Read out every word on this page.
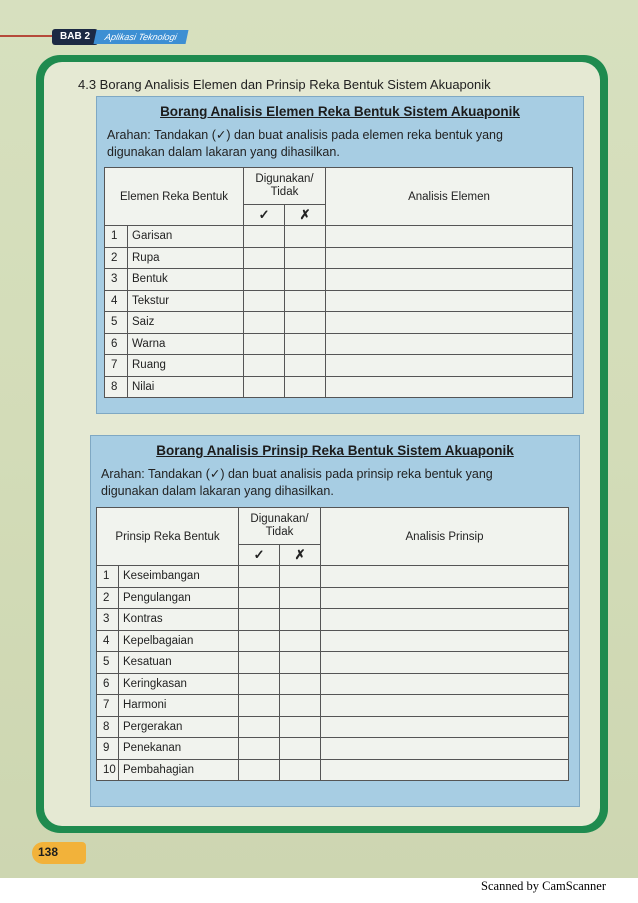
BAB 2	Aplikasi Teknologi
4.3 Borang Analisis Elemen dan Prinsip Reka Bentuk Sistem Akuaponik
Borang Analisis Elemen Reka Bentuk Sistem Akuaponik
Arahan: Tandakan (✓) dan buat analisis pada elemen reka bentuk yang digunakan dalam lakaran yang dihasilkan.
Elemen Reka Bentuk		Digunakan/ Tidak		Analisis Elemen
		✓	✗	
1	Garisan			
2	Rupa			
3	Bentuk			
4	Tekstur			
5	Saiz			
6	Warna			
7	Ruang			
8	Nilai			
Borang Analisis Prinsip Reka Bentuk Sistem Akuaponik
Arahan: Tandakan (✓) dan buat analisis pada prinsip reka bentuk yang digunakan dalam lakaran yang dihasilkan.
Prinsip Reka Bentuk		Digunakan/ Tidak		Analisis Prinsip
		✓	✗	
1	Keseimbangan			
2	Pengulangan			
3	Kontras			
4	Kepelbagaian			
5	Kesatuan			
6	Keringkasan			
7	Harmoni			
8	Pergerakan			
9	Penekanan			
10	Pembahagian			
138
Scanned by CamScanner
